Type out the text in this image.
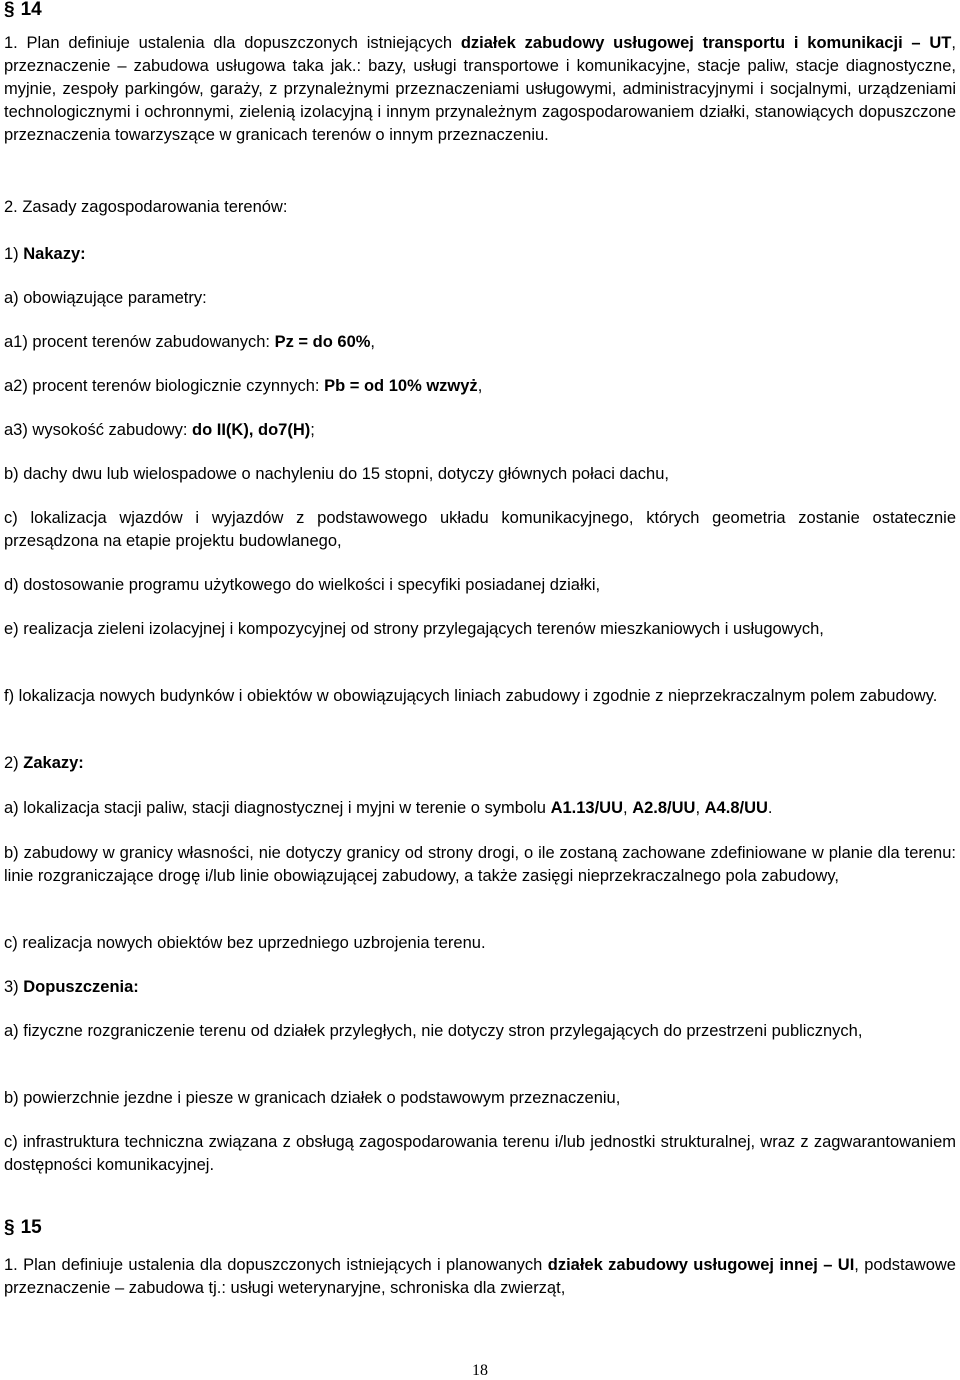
§ 14

1. Plan definiuje ustalenia dla dopuszczonych istniejących działek zabudowy usługowej transportu i komunikacji – UT, przeznaczenie – zabudowa usługowa taka jak.: bazy, usługi transportowe i komunikacyjne, stacje paliw, stacje diagnostyczne, myjnie, zespoły parkingów, garaży, z przynależnymi przeznaczeniami usługowymi, administracyjnymi i socjalnymi, urządzeniami technologicznymi i ochronnymi, zielenią izolacyjną i innym przynależnym zagospodarowaniem działki, stanowiących dopuszczone przeznaczenia towarzyszące w granicach terenów o innym przeznaczeniu.

2. Zasady zagospodarowania terenów:

1) Nakazy:

a) obowiązujące parametry:

a1) procent terenów zabudowanych: Pz = do 60%,

a2) procent terenów biologicznie czynnych: Pb = od 10% wzwyż,

a3) wysokość zabudowy: do II(K), do7(H);

b) dachy dwu lub wielospadowe o nachyleniu do 15 stopni, dotyczy głównych połaci dachu,

c) lokalizacja wjazdów i wyjazdów z podstawowego układu komunikacyjnego, których geometria zostanie ostatecznie przesądzona na etapie projektu budowlanego,

d) dostosowanie programu użytkowego do wielkości i specyfiki posiadanej działki,

e) realizacja zieleni izolacyjnej i kompozycyjnej od strony przylegających terenów mieszkaniowych i usługowych,

f) lokalizacja nowych budynków i obiektów w obowiązujących liniach zabudowy i zgodnie z nieprzekraczalnym polem zabudowy.

2) Zakazy:

a) lokalizacja stacji paliw, stacji diagnostycznej i myjni w terenie o symbolu A1.13/UU, A2.8/UU, A4.8/UU.

b) zabudowy w granicy własności, nie dotyczy granicy od strony drogi, o ile zostaną zachowane zdefiniowane w planie dla terenu: linie rozgraniczające drogę i/lub linie obowiązującej zabudowy, a także zasięgi nieprzekraczalnego pola zabudowy,

c) realizacja nowych obiektów bez uprzedniego uzbrojenia terenu.

3) Dopuszczenia:

a) fizyczne rozgraniczenie terenu od działek przyległych, nie dotyczy stron przylegających do przestrzeni publicznych,

b) powierzchnie jezdne i piesze w granicach działek o podstawowym przeznaczeniu,

c) infrastruktura techniczna związana z obsługą zagospodarowania terenu i/lub jednostki strukturalnej, wraz z zagwarantowaniem dostępności komunikacyjnej.

§ 15

1. Plan definiuje ustalenia dla dopuszczonych istniejących i planowanych działek zabudowy usługowej innej – UI, podstawowe przeznaczenie – zabudowa tj.: usługi weterynaryjne, schroniska dla zwierząt,

18
